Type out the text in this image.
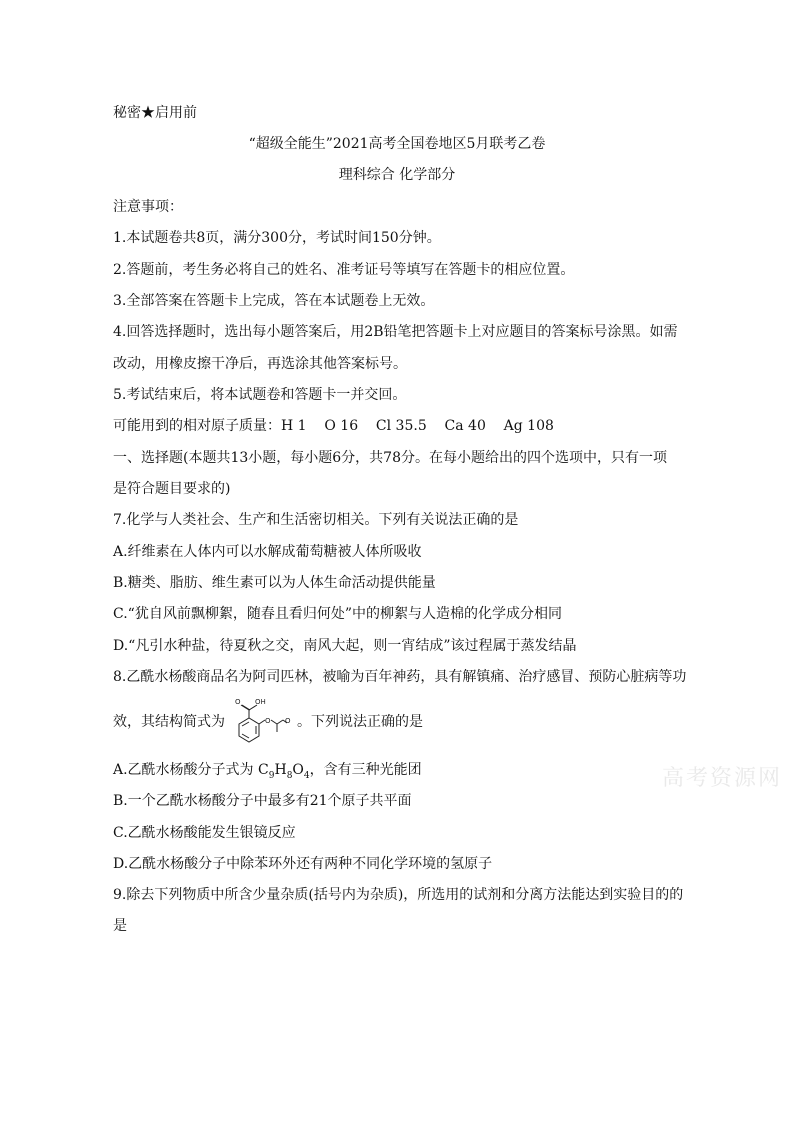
秘密★启用前
“超级全能生”2021高考全国卷地区5月联考乙卷
理科综合 化学部分
注意事项：
1.本试题卷共8页，满分300分，考试时间150分钟。
2.答题前，考生务必将自己的姓名、准考证号等填写在答题卡的相应位置。
3.全部答案在答题卡上完成，答在本试题卷上无效。
4.回答选择题时，选出每小题答案后，用2B铅笔把答题卡上对应题目的答案标号涂黑。如需
改动，用橡皮擦干净后，再选涂其他答案标号。
5.考试结束后，将本试题卷和答题卡一并交回。
可能用到的相对原子质量：H 1    O 16    Cl 35.5    Ca 40    Ag 108
一、选择题(本题共13小题，每小题6分，共78分。在每小题给出的四个选项中，只有一项
是符合题目要求的)
7.化学与人类社会、生产和生活密切相关。下列有关说法正确的是
A.纤维素在人体内可以水解成葡萄糖被人体所吸收
B.糖类、脂肪、维生素可以为人体生命活动提供能量
C.“犹自风前飘柳絮，随春且看归何处”中的柳絮与人造棉的化学成分相同
D.“凡引水种盐，待夏秋之交，南风大起，则一宵结成”该过程属于蒸发结晶
8.乙酰水杨酸商品名为阿司匹林，被喻为百年神药，具有解镇痛、治疗感冒、预防心脏病等功
效，其结构简式为
O OH
O O 。下列说法正确的是
A.乙酰水杨酸分子式为 $C_9H_8O_4$，含有三种光能团
B.一个乙酰水杨酸分子中最多有21个原子共平面
C.乙酰水杨酸能发生银镜反应
D.乙酰水杨酸分子中除苯环外还有两种不同化学环境的氢原子
9.除去下列物质中所含少量杂质(括号内为杂质)，所选用的试剂和分离方法能达到实验目的的
是
高考资源网
